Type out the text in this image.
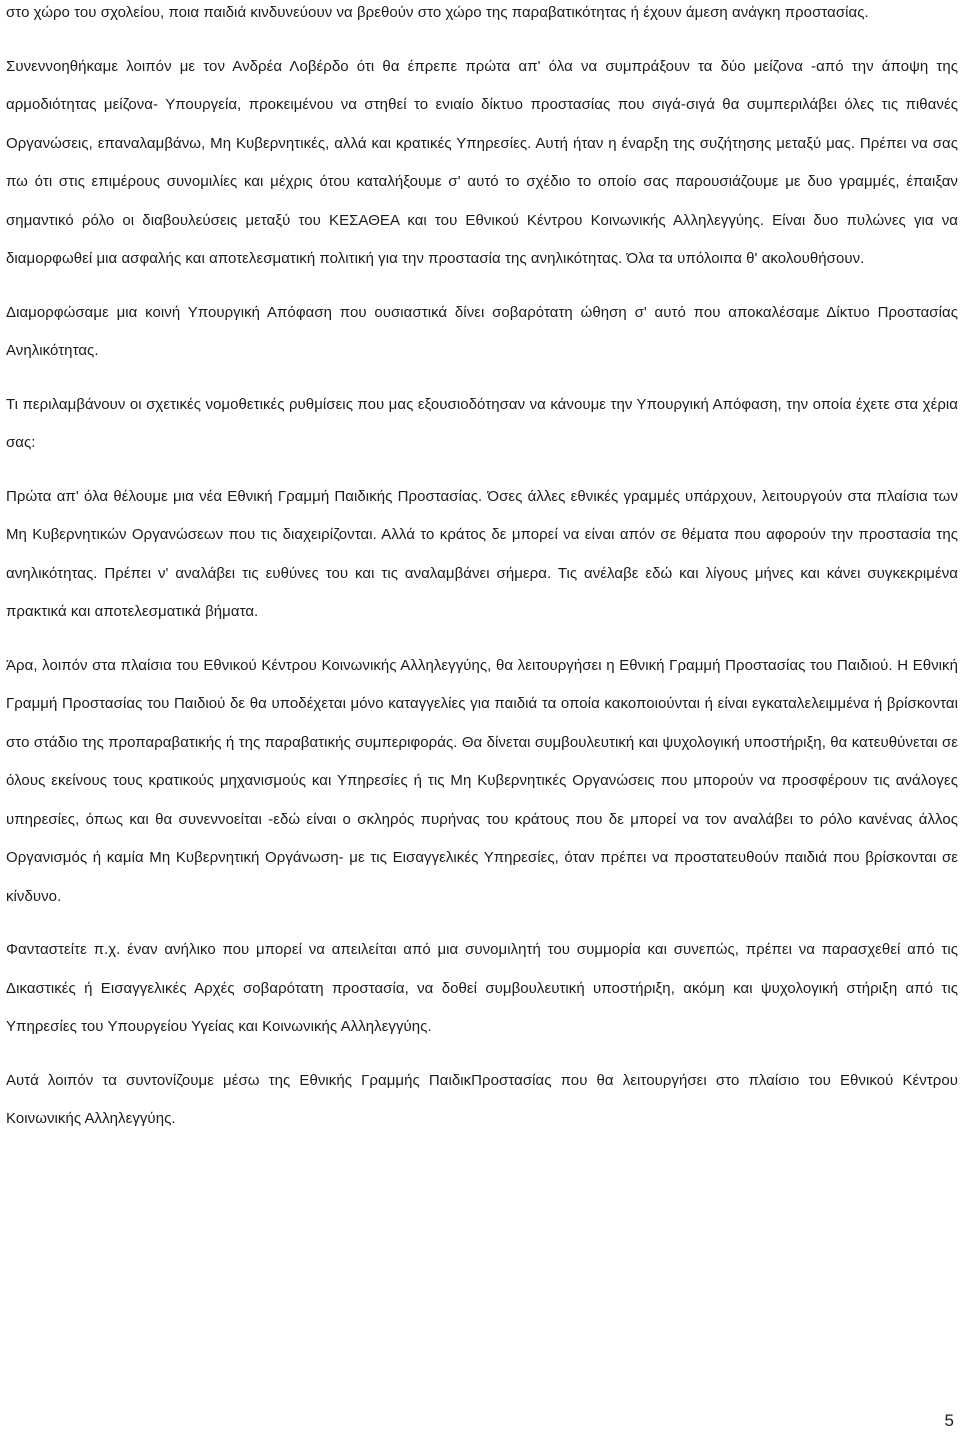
στο χώρο του σχολείου, ποια παιδιά κινδυνεύουν να βρεθούν στο χώρο της παραβατικότητας ή έχουν άμεση ανάγκη προστασίας.

Συνεννοηθήκαμε λοιπόν με τον Ανδρέα Λοβέρδο ότι θα έπρεπε πρώτα απ' όλα να συμπράξουν τα δύο μείζονα -από την άποψη της αρμοδιότητας μείζονα- Υπουργεία, προκειμένου να στηθεί το ενιαίο δίκτυο προστασίας που σιγά-σιγά θα συμπεριλάβει όλες τις πιθανές Οργανώσεις, επαναλαμβάνω, Μη Κυβερνητικές, αλλά και κρατικές Υπηρεσίες. Αυτή ήταν η έναρξη της συζήτησης μεταξύ μας. Πρέπει να σας πω ότι στις επιμέρους συνομιλίες και μέχρις ότου καταλήξουμε σ' αυτό το σχέδιο το οποίο σας παρουσιάζουμε με δυο γραμμές, έπαιξαν σημαντικό ρόλο οι διαβουλεύσεις μεταξύ του ΚΕΣΑΘΕΑ και του Εθνικού Κέντρου Κοινωνικής Αλληλεγγύης. Είναι δυο πυλώνες για να διαμορφωθεί μια ασφαλής και αποτελεσματική πολιτική για την προστασία της ανηλικότητας. Όλα τα υπόλοιπα θ' ακολουθήσουν.

Διαμορφώσαμε μια κοινή Υπουργική Απόφαση που ουσιαστικά δίνει σοβαρότατη ώθηση σ' αυτό που αποκαλέσαμε Δίκτυο Προστασίας Ανηλικότητας.

Τι περιλαμβάνουν οι σχετικές νομοθετικές ρυθμίσεις που μας εξουσιοδότησαν να κάνουμε την Υπουργική Απόφαση, την οποία έχετε στα χέρια σας:

Πρώτα απ' όλα θέλουμε μια νέα Εθνική Γραμμή Παιδικής Προστασίας. Όσες άλλες εθνικές γραμμές υπάρχουν, λειτουργούν στα πλαίσια των Μη Κυβερνητικών Οργανώσεων που τις διαχειρίζονται. Αλλά το κράτος δε μπορεί να είναι απόν σε θέματα που αφορούν την προστασία της ανηλικότητας. Πρέπει ν' αναλάβει τις ευθύνες του και τις αναλαμβάνει σήμερα. Τις ανέλαβε εδώ και λίγους μήνες και κάνει συγκεκριμένα πρακτικά και αποτελεσματικά βήματα.

Άρα, λοιπόν στα πλαίσια του Εθνικού Κέντρου Κοινωνικής Αλληλεγγύης, θα λειτουργήσει η Εθνική Γραμμή Προστασίας του Παιδιού. Η Εθνική Γραμμή Προστασίας του Παιδιού δε θα υποδέχεται μόνο καταγγελίες για παιδιά τα οποία κακοποιούνται ή είναι εγκαταλελειμμένα ή βρίσκονται στο στάδιο της προπαραβατικής ή της παραβατικής συμπεριφοράς. Θα δίνεται συμβουλευτική και ψυχολογική υποστήριξη, θα κατευθύνεται σε όλους εκείνους τους κρατικούς μηχανισμούς και Υπηρεσίες ή τις Μη Κυβερνητικές Οργανώσεις που μπορούν να προσφέρουν τις ανάλογες υπηρεσίες, όπως και θα συνεννοείται -εδώ είναι ο σκληρός πυρήνας του κράτους που δε μπορεί να τον αναλάβει το ρόλο κανένας άλλος Οργανισμός ή καμία Μη Κυβερνητική Οργάνωση- με τις Εισαγγελικές Υπηρεσίες, όταν πρέπει να προστατευθούν παιδιά που βρίσκονται σε κίνδυνο.

Φανταστείτε π.χ. έναν ανήλικο που μπορεί να απειλείται από μια συνομιλητή του συμμορία και συνεπώς, πρέπει να παρασχεθεί από τις Δικαστικές ή Εισαγγελικές Αρχές σοβαρότατη προστασία, να δοθεί συμβουλευτική υποστήριξη, ακόμη και ψυχολογική στήριξη από τις Υπηρεσίες του Υπουργείου Υγείας και Κοινωνικής Αλληλεγγύης.

Αυτά λοιπόν τα συντονίζουμε μέσω της Εθνικής Γραμμής ΠαιδικΠροστασίας που θα λειτουργήσει στο πλαίσιο του Εθνικού Κέντρου Κοινωνικής Αλληλεγγύης.

5
